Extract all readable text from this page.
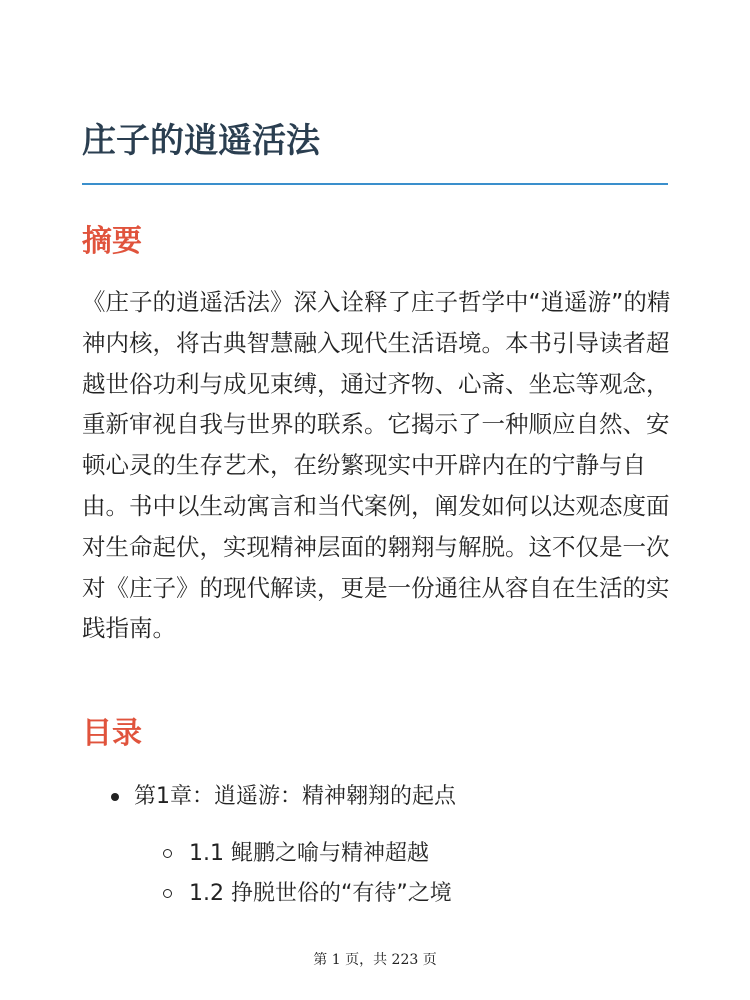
庄子的逍遥活法
摘要

《庄子的逍遥活法》深入诠释了庄子哲学中“逍遥游”的精神内核，将古典智慧融入现代生活语境。本书引导读者超越世俗功利与成见束缚，通过齐物、心斋、坐忘等观念，重新审视自我与世界的联系。它揭示了一种顺应自然、安顿心灵的生存艺术，在纷繁现实中开辟内在的宁静与自由。书中以生动寓言和当代案例，阐发如何以达观态度面对生命起伏，实现精神层面的翱翔与解脱。这不仅是一次对《庄子》的现代解读，更是一份通往从容自在生活的实践指南。

目录
第1章：逍遥游：精神翱翔的起点
1.1 鲲鹏之喻与精神超越
1.2 挣脱世俗的“有待”之境
第 1 页，共 223 页
